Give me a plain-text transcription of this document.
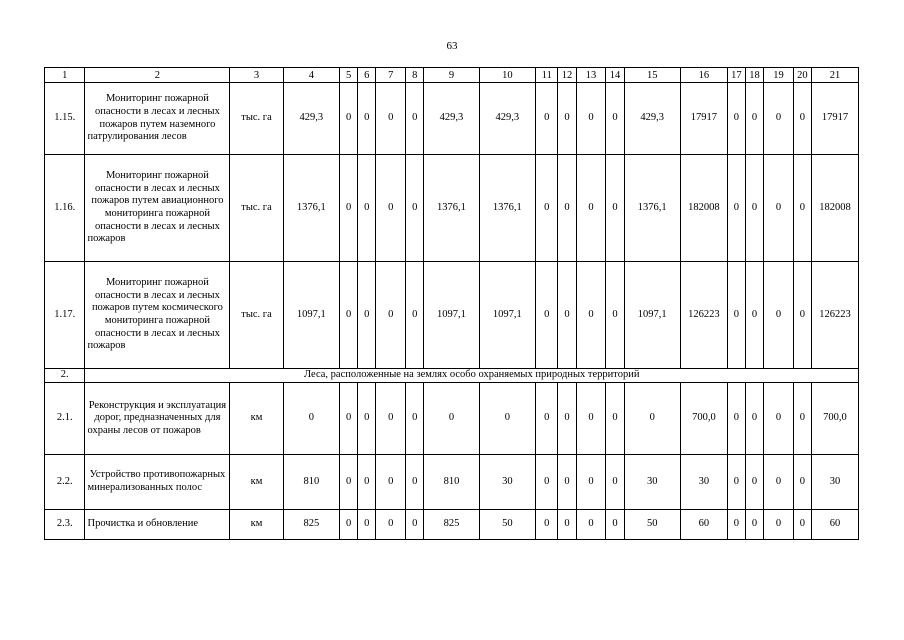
63
1	2	3	4	5	6	7	8	9	10	11	12	13	14	15	16	17	18	19	20	21
1.15.	Мониторинг пожарной опасности в лесах и лесных пожаров путем наземного патрулирования лесов	тыс. га	429,3	0	0	0	0	429,3	429,3	0	0	0	0	429,3	17917	0	0	0	0	17917
1.16.	Мониторинг пожарной опасности в лесах и лесных пожаров путем авиационного мониторинга пожарной опасности в лесах и лесных пожаров	тыс. га	1376,1	0	0	0	0	1376,1	1376,1	0	0	0	0	1376,1	182008	0	0	0	0	182008
1.17.	Мониторинг пожарной опасности в лесах и лесных пожаров путем космического мониторинга пожарной опасности в лесах и лесных пожаров	тыс. га	1097,1	0	0	0	0	1097,1	1097,1	0	0	0	0	1097,1	126223	0	0	0	0	126223
2.	Леса, расположенные на землях особо охраняемых природных территорий																			
2.1.	Реконструкция и эксплуатация дорог, предназначенных для охраны лесов от пожаров	км	0	0	0	0	0	0	0	0	0	0	0	0	700,0	0	0	0	0	700,0
2.2.	Устройство противопожарных минерализованных полос	км	810	0	0	0	0	810	30	0	0	0	0	30	30	0	0	0	0	30
2.3.	Прочистка и обновление	км	825	0	0	0	0	825	50	0	0	0	0	50	60	0	0	0	0	60
